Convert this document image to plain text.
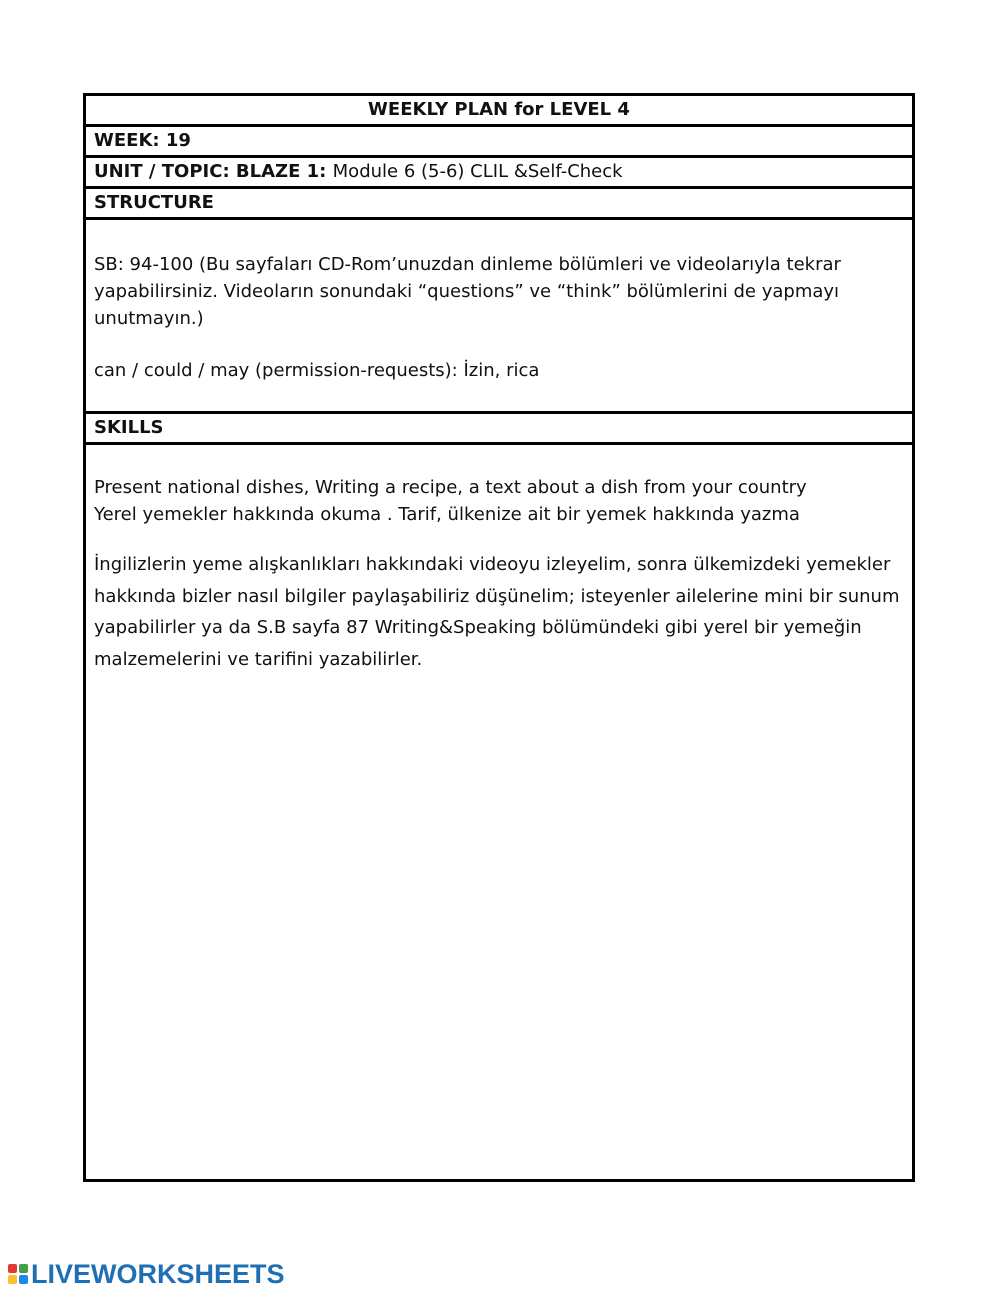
WEEKLY PLAN for LEVEL 4
WEEK: 19
UNIT / TOPIC: BLAZE 1: Module 6 (5-6) CLIL &Self-Check
STRUCTURE

SB: 94-100 (Bu sayfaları CD-Rom’unuzdan dinleme bölümleri ve videolarıyla tekrar

yapabilirsiniz. Videoların sonundaki “questions” ve “think” bölümlerini de yapmayı

unutmayın.)

can / could / may (permission-requests): İzin, rica

SKILLS

Present national dishes, Writing a recipe, a text about a dish from your country

Yerel yemekler hakkında okuma . Tarif, ülkenize ait bir yemek hakkında yazma

İngilizlerin yeme alışkanlıkları hakkındaki videoyu izleyelim, sonra ülkemizdeki yemekler

hakkında bizler nasıl bilgiler paylaşabiliriz düşünelim; isteyenler ailelerine mini bir sunum

yapabilirler ya da S.B sayfa 87 Writing&Speaking bölümündeki gibi yerel bir yemeğin

malzemelerini ve tarifini yazabilirler.

LIVEWORKSHEETS
